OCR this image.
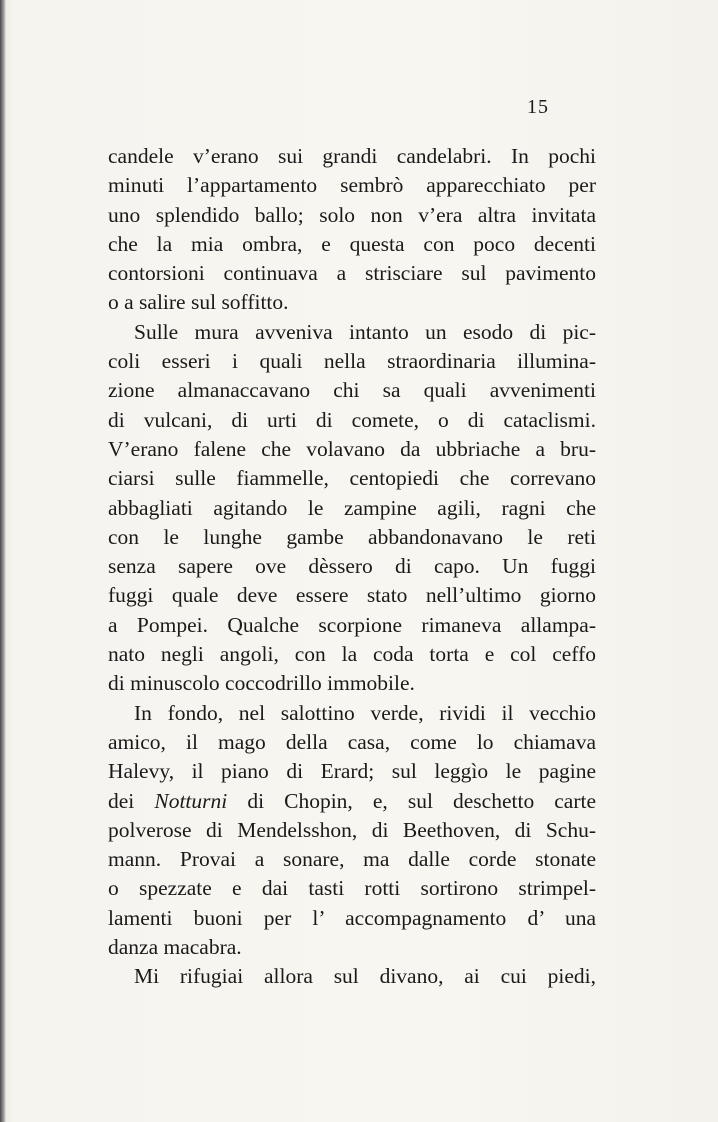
15
candele v’erano sui grandi candelabri. In pochi
minuti l’appartamento sembrò apparecchiato per
uno splendido ballo; solo non v’era altra invitata
che la mia ombra, e questa con poco decenti
contorsioni continuava a strisciare sul pavimento
o a salire sul soffitto.
Sulle mura avveniva intanto un esodo di pic-
coli esseri i quali nella straordinaria illumina-
zione almanaccavano chi sa quali avvenimenti
di vulcani, di urti di comete, o di cataclismi.
V’erano falene che volavano da ubbriache a bru-
ciarsi sulle fiammelle, centopiedi che correvano
abbagliati agitando le zampine agili, ragni che
con le lunghe gambe abbandonavano le reti
senza sapere ove dèssero di capo. Un fuggi
fuggi quale deve essere stato nell’ultimo giorno
a Pompei. Qualche scorpione rimaneva allampa-
nato negli angoli, con la coda torta e col ceffo
di minuscolo coccodrillo immobile.
In fondo, nel salottino verde, rividi il vecchio
amico, il mago della casa, come lo chiamava
Halevy, il piano di Erard; sul leggìo le pagine
dei Notturni di Chopin, e, sul deschetto carte
polverose di Mendelsshon, di Beethoven, di Schu-
mann. Provai a sonare, ma dalle corde stonate
o spezzate e dai tasti rotti sortirono strimpel-
lamenti buoni per l’ accompagnamento d’ una
danza macabra.
Mi rifugiai allora sul divano, ai cui piedi,
